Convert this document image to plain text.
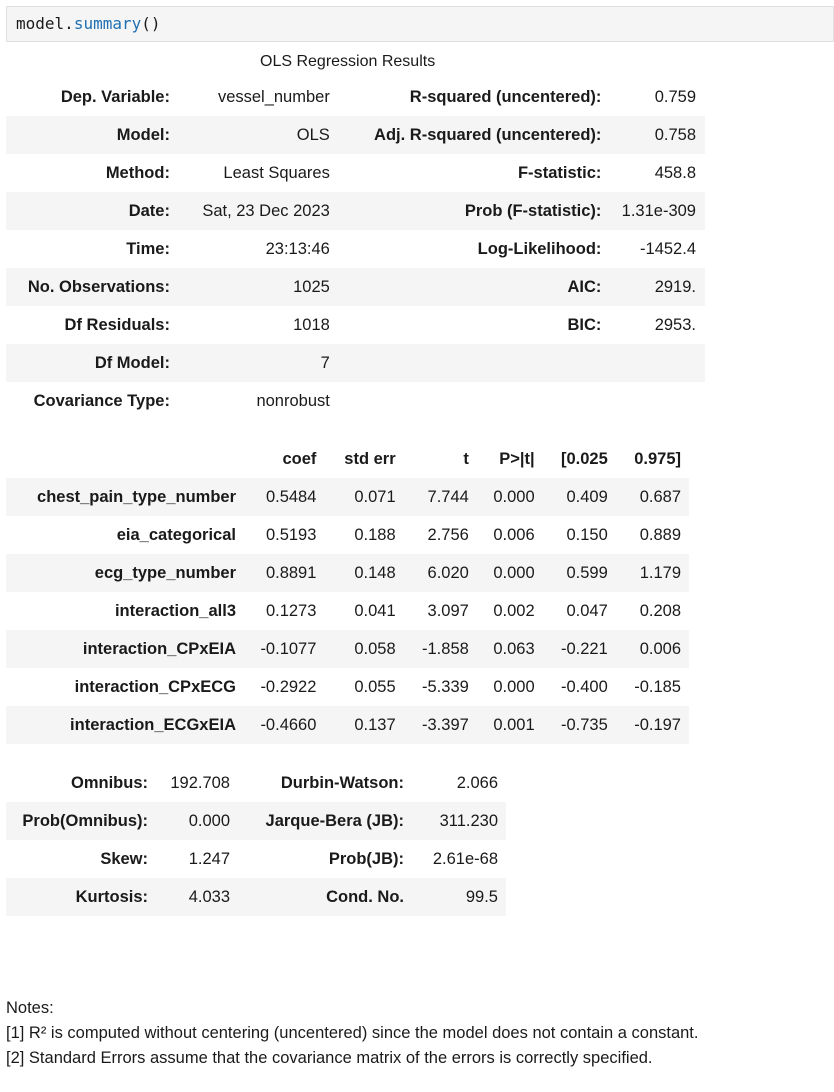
model.summary()
OLS Regression Results
Dep. Variable:	vessel_number	R-squared (uncentered):	0.759
Model:	OLS	Adj. R-squared (uncentered):	0.758
Method:	Least Squares	F-statistic:	458.8
Date:	Sat, 23 Dec 2023	Prob (F-statistic):	1.31e-309
Time:	23:13:46	Log-Likelihood:	-1452.4
No. Observations:	1025	AIC:	2919.
Df Residuals:	1018	BIC:	2953.
Df Model:	7		
Covariance Type:	nonrobust		
	coef	std err	t	P>|t|	[0.025	0.975]
chest_pain_type_number	0.5484	0.071	7.744	0.000	0.409	0.687
eia_categorical	0.5193	0.188	2.756	0.006	0.150	0.889
ecg_type_number	0.8891	0.148	6.020	0.000	0.599	1.179
interaction_all3	0.1273	0.041	3.097	0.002	0.047	0.208
interaction_CPxEIA	-0.1077	0.058	-1.858	0.063	-0.221	0.006
interaction_CPxECG	-0.2922	0.055	-5.339	0.000	-0.400	-0.185
interaction_ECGxEIA	-0.4660	0.137	-3.397	0.001	-0.735	-0.197
Omnibus:	192.708	Durbin-Watson:	2.066
Prob(Omnibus):	0.000	Jarque-Bera (JB):	311.230
Skew:	1.247	Prob(JB):	2.61e-68
Kurtosis:	4.033	Cond. No.	99.5
Notes:
[1] R² is computed without centering (uncentered) since the model does not contain a constant.
[2] Standard Errors assume that the covariance matrix of the errors is correctly specified.
